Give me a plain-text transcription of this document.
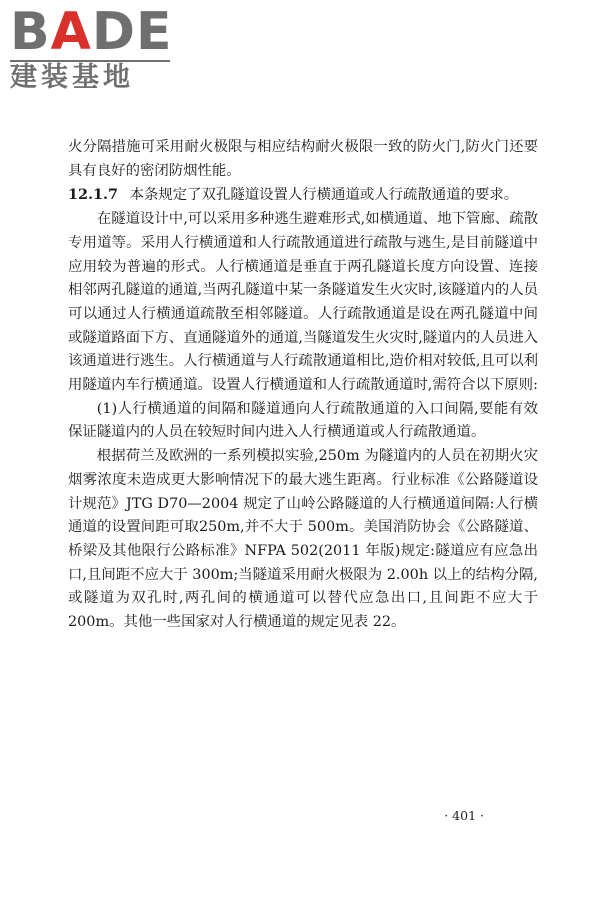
BADE
建装基地

火分隔措施可采用耐火极限与相应结构耐火极限一致的防火门,防火门还要具有良好的密闭防烟性能。

12.1.7 本条规定了双孔隧道设置人行横通道或人行疏散通道的要求。

在隧道设计中,可以采用多种逃生避难形式,如横通道、地下管廊、疏散专用道等。采用人行横通道和人行疏散通道进行疏散与逃生,是目前隧道中应用较为普遍的形式。人行横通道是垂直于两孔隧道长度方向设置、连接相邻两孔隧道的通道,当两孔隧道中某一条隧道发生火灾时,该隧道内的人员可以通过人行横通道疏散至相邻隧道。人行疏散通道是设在两孔隧道中间或隧道路面下方、直通隧道外的通道,当隧道发生火灾时,隧道内的人员进入该通道进行逃生。人行横通道与人行疏散通道相比,造价相对较低,且可以利用隧道内车行横通道。设置人行横通道和人行疏散通道时,需符合以下原则:

(1)人行横通道的间隔和隧道通向人行疏散通道的入口间隔,要能有效保证隧道内的人员在较短时间内进入人行横通道或人行疏散通道。

根据荷兰及欧洲的一系列模拟实验,250m 为隧道内的人员在初期火灾烟雾浓度未造成更大影响情况下的最大逃生距离。行业标准《公路隧道设计规范》JTG D70—2004 规定了山岭公路隧道的人行横通道间隔:人行横通道的设置间距可取250m,并不大于 500m。美国消防协会《公路隧道、桥梁及其他限行公路标准》NFPA 502(2011 年版)规定:隧道应有应急出口,且间距不应大于 300m;当隧道采用耐火极限为 2.00h 以上的结构分隔,或隧道为双孔时,两孔间的横通道可以替代应急出口,且间距不应大于 200m。其他一些国家对人行横通道的规定见表 22。

· 401 ·
